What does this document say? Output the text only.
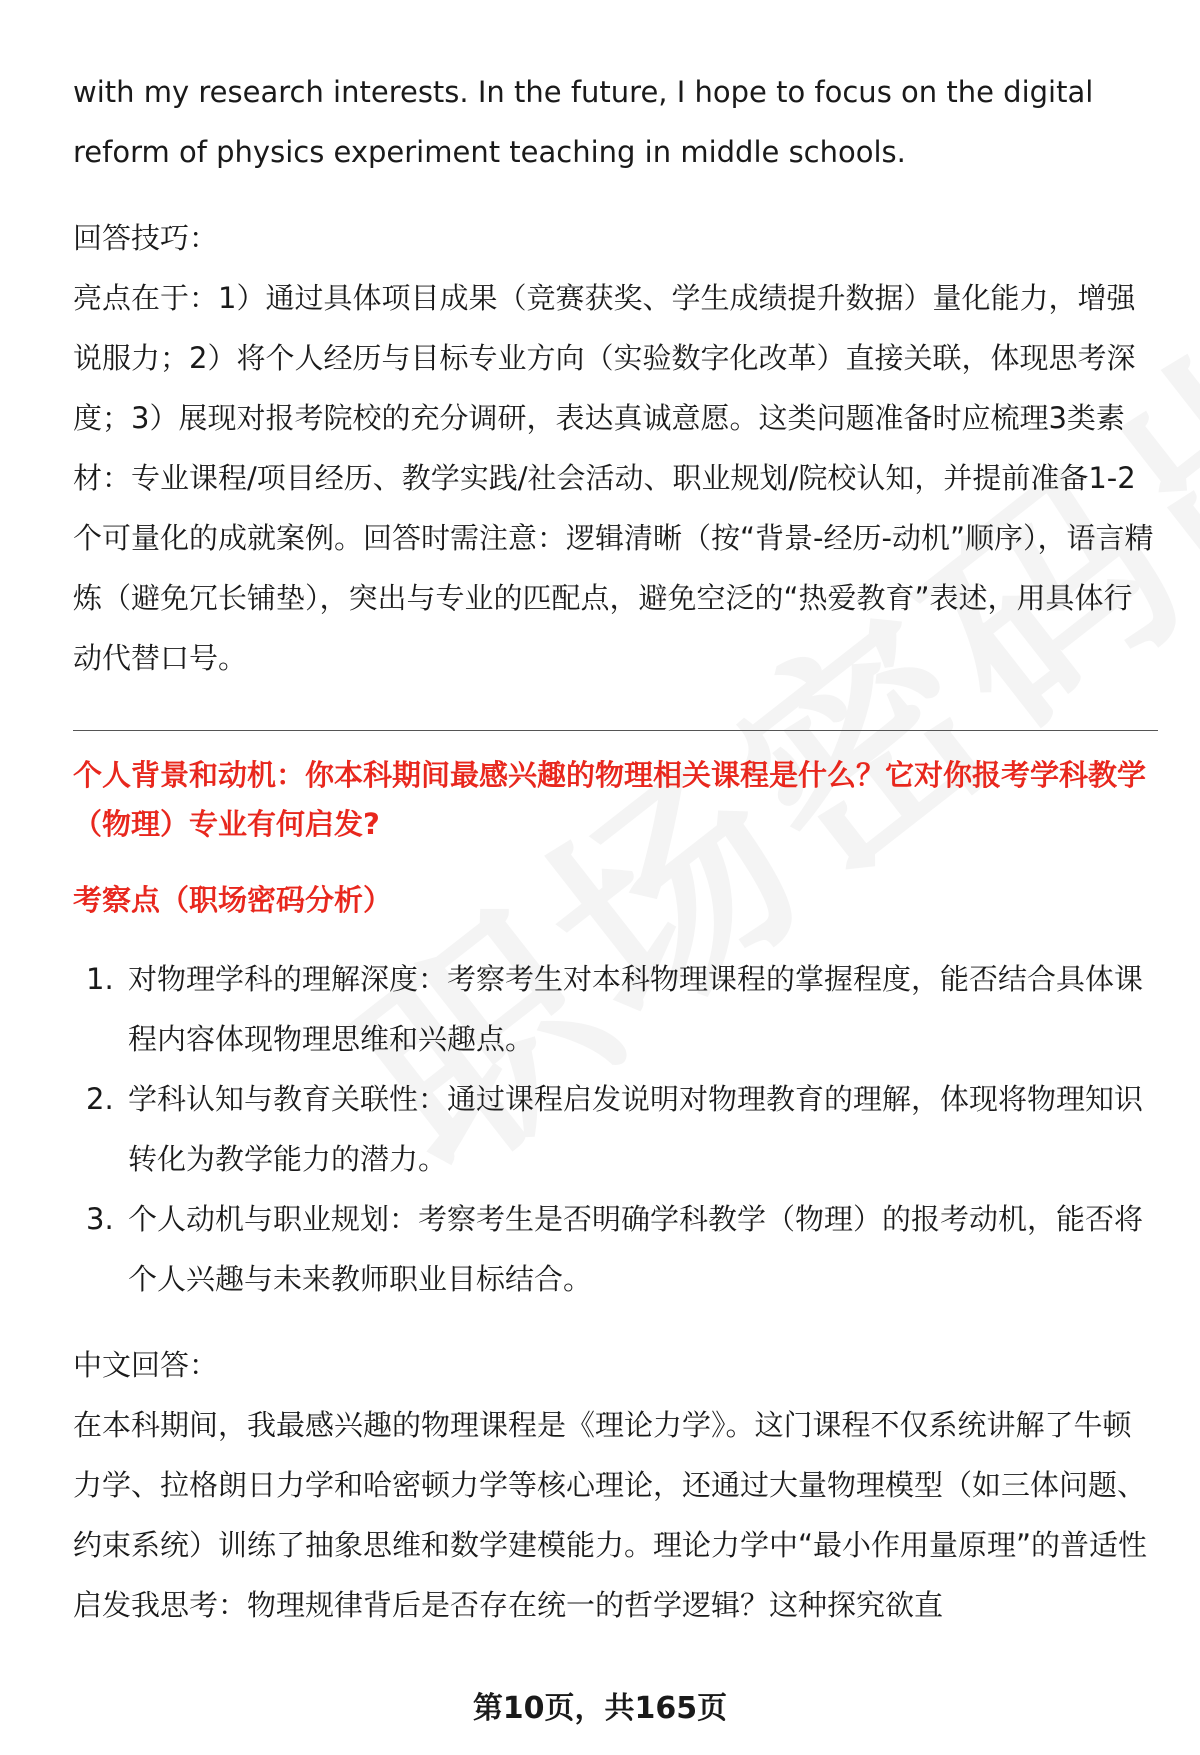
with my research interests. In the future, I hope to focus on the digital reform of physics experiment teaching in middle schools.

回答技巧：

亮点在于：1）通过具体项目成果（竞赛获奖、学生成绩提升数据）量化能力，增强说服力；2）将个人经历与目标专业方向（实验数字化改革）直接关联，体现思考深度；3）展现对报考院校的充分调研，表达真诚意愿。这类问题准备时应梳理3类素材：专业课程/项目经历、教学实践/社会活动、职业规划/院校认知，并提前准备1-2个可量化的成就案例。回答时需注意：逻辑清晰（按“背景-经历-动机”顺序），语言精炼（避免冗长铺垫），突出与专业的匹配点，避免空泛的“热爱教育”表述，用具体行动代替口号。

个人背景和动机：你本科期间最感兴趣的物理相关课程是什么？它对你报考学科教学（物理）专业有何启发?

考察点（职场密码分析）

1. 对物理学科的理解深度：考察考生对本科物理课程的掌握程度，能否结合具体课程内容体现物理思维和兴趣点。
2. 学科认知与教育关联性：通过课程启发说明对物理教育的理解，体现将物理知识转化为教学能力的潜力。
3. 个人动机与职业规划：考察考生是否明确学科教学（物理）的报考动机，能否将个人兴趣与未来教师职业目标结合。

中文回答：

在本科期间，我最感兴趣的物理课程是《理论力学》。这门课程不仅系统讲解了牛顿力学、拉格朗日力学和哈密顿力学等核心理论，还通过大量物理模型（如三体问题、约束系统）训练了抽象思维和数学建模能力。理论力学中“最小作用量原理”的普适性启发我思考：物理规律背后是否存在统一的哲学逻辑？这种探究欲直

第10页，共165页
